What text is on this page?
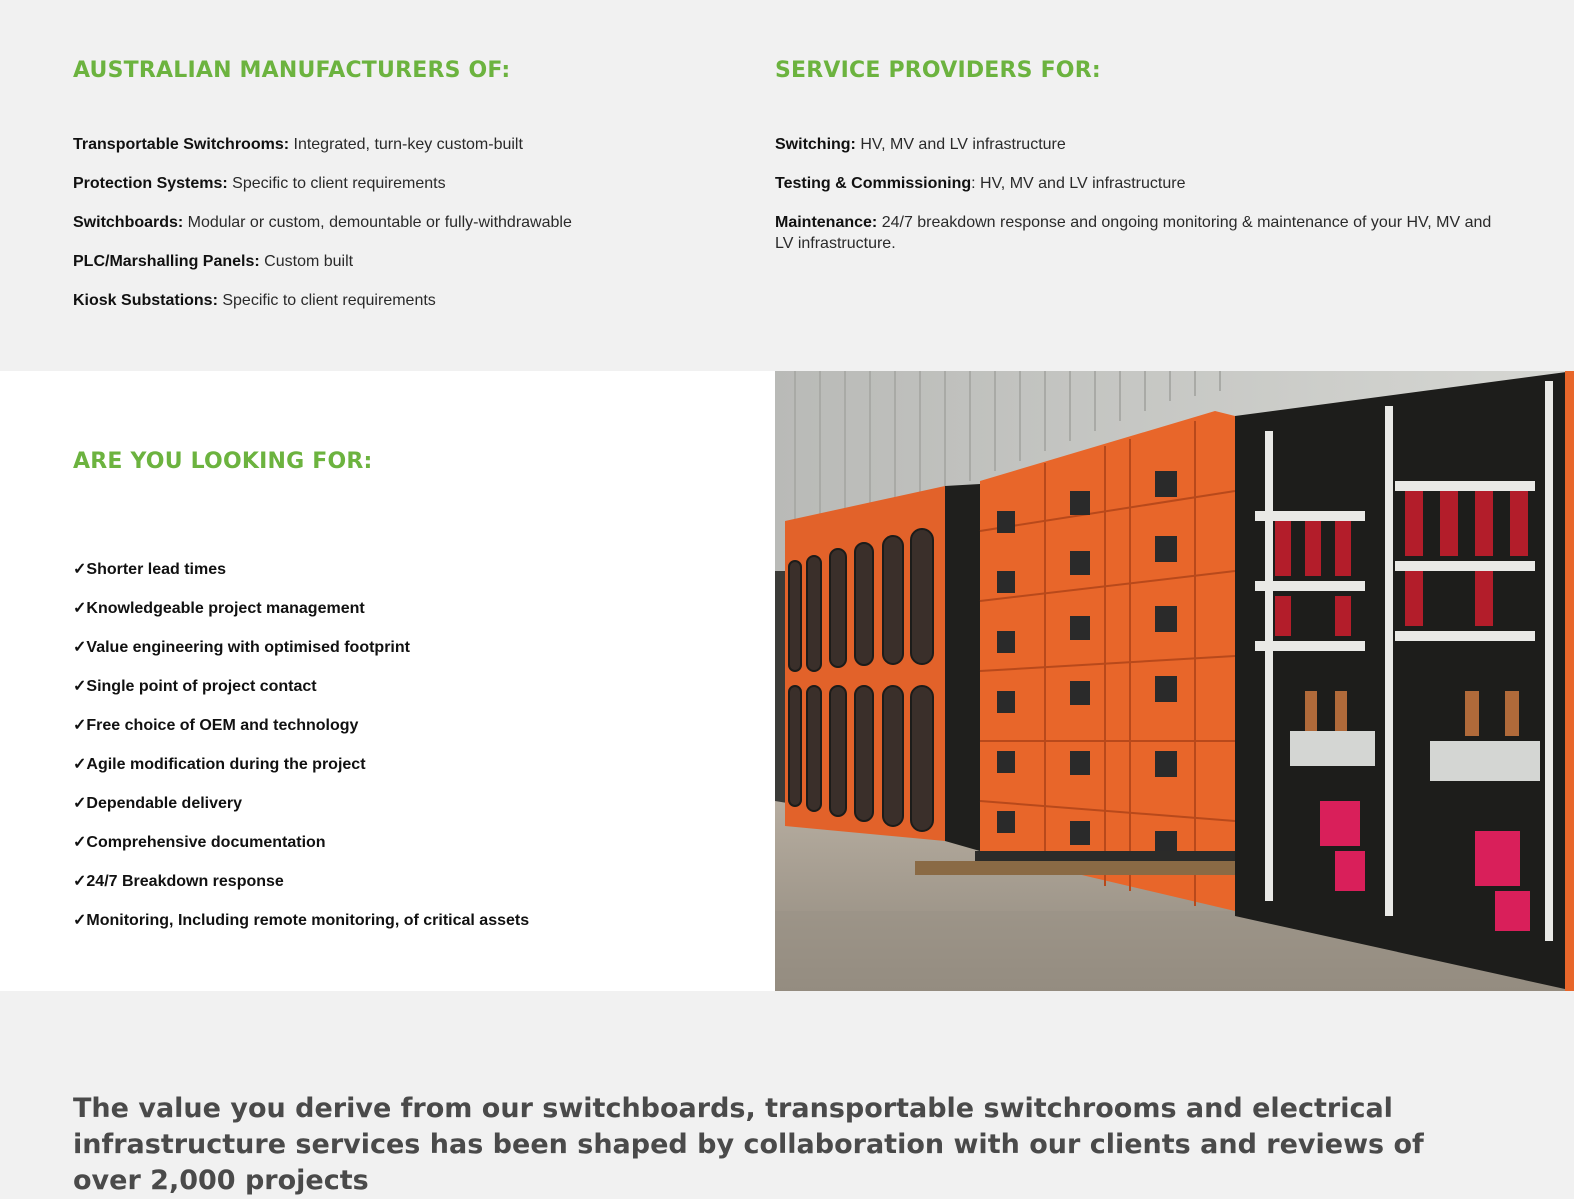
AUSTRALIAN MANUFACTURERS OF:
Transportable Switchrooms: Integrated, turn-key custom-built
Protection Systems: Specific to client requirements
Switchboards: Modular or custom, demountable or fully-withdrawable
PLC/Marshalling Panels: Custom built
Kiosk Substations: Specific to client requirements
SERVICE PROVIDERS FOR:
Switching: HV, MV and LV infrastructure
Testing & Commissioning: HV, MV and LV infrastructure
Maintenance: 24/7 breakdown response and ongoing monitoring & maintenance of your HV, MV and LV infrastructure.
ARE YOU LOOKING FOR:
✓Shorter lead times
✓Knowledgeable project management
✓Value engineering with optimised footprint
✓Single point of project contact
✓Free choice of OEM and technology
✓Agile modification during the project
✓Dependable delivery
✓Comprehensive documentation
✓24/7 Breakdown response
✓Monitoring, Including remote monitoring, of critical assets
The value you derive from our switchboards, transportable switchrooms and electrical infrastructure services has been shaped by collaboration with our clients and reviews of over 2,000 projects
